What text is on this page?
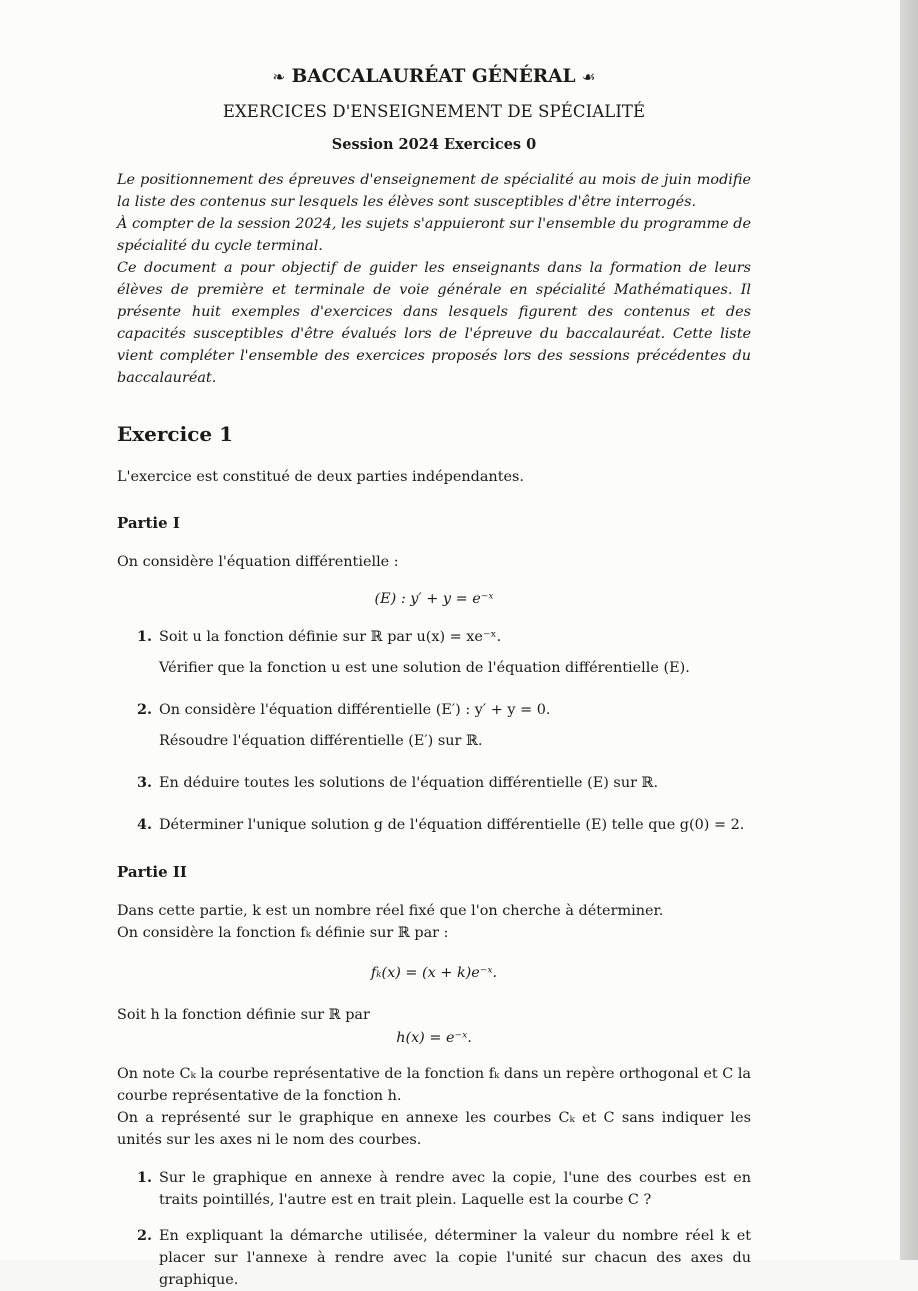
❧ BACCALAURÉAT GÉNÉRAL ☙
EXERCICES D'ENSEIGNEMENT DE SPÉCIALITÉ
Session 2024 Exercices 0

Le positionnement des épreuves d'enseignement de spécialité au mois de juin modifie la liste des contenus sur lesquels les élèves sont susceptibles d'être interrogés.

À compter de la session 2024, les sujets s'appuieront sur l'ensemble du programme de spécialité du cycle terminal.

Ce document a pour objectif de guider les enseignants dans la formation de leurs élèves de première et terminale de voie générale en spécialité Mathématiques. Il présente huit exemples d'exercices dans lesquels figurent des contenus et des capacités susceptibles d'être évalués lors de l'épreuve du baccalauréat. Cette liste vient compléter l'ensemble des exercices proposés lors des sessions précédentes du baccalauréat.

Exercice 1

L'exercice est constitué de deux parties indépendantes.

Partie I

On considère l'équation différentielle :

(E) : y′ + y = e⁻ˣ
1. Soit u la fonction définie sur ℝ par u(x) = xe⁻ˣ.
Vérifier que la fonction u est une solution de l'équation différentielle (E).
2. On considère l'équation différentielle (E′) : y′ + y = 0.
Résoudre l'équation différentielle (E′) sur ℝ.
3. En déduire toutes les solutions de l'équation différentielle (E) sur ℝ.
4. Déterminer l'unique solution g de l'équation différentielle (E) telle que g(0) = 2.
Partie II

Dans cette partie, k est un nombre réel fixé que l'on cherche à déterminer.

On considère la fonction fₖ définie sur ℝ par :

fₖ(x) = (x + k)e⁻ˣ.

Soit h la fonction définie sur ℝ par

h(x) = e⁻ˣ.

On note Cₖ la courbe représentative de la fonction fₖ dans un repère orthogonal et C la courbe représentative de la fonction h.

On a représenté sur le graphique en annexe les courbes Cₖ et C sans indiquer les unités sur les axes ni le nom des courbes.

1. Sur le graphique en annexe à rendre avec la copie, l'une des courbes est en traits pointillés, l'autre est en trait plein. Laquelle est la courbe C ?
2. En expliquant la démarche utilisée, déterminer la valeur du nombre réel k et placer sur l'annexe à rendre avec la copie l'unité sur chacun des axes du graphique.
